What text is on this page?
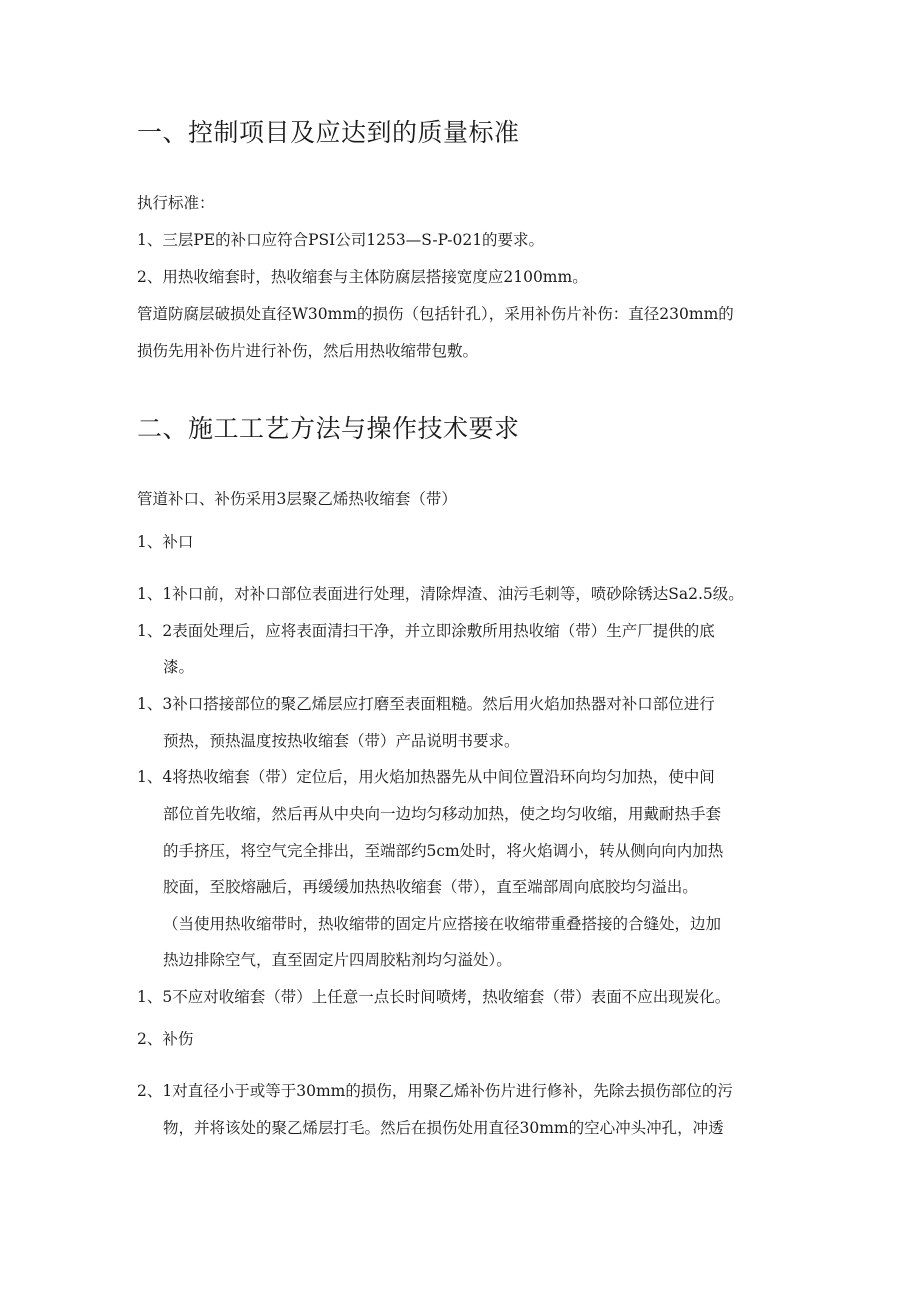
一、控制项目及应达到的质量标准
执行标准：
1、三层PE的补口应符合PSI公司1253—S-P-021的要求。
2、用热收缩套时，热收缩套与主体防腐层搭接宽度应2100mm。
管道防腐层破损处直径W30mm的损伤（包括针孔），采用补伤片补伤：直径230mm的
损伤先用补伤片进行补伤，然后用热收缩带包敷。
二、施工工艺方法与操作技术要求
管道补口、补伤采用3层聚乙烯热收缩套（带）
1、补口
1、1补口前，对补口部位表面进行处理，清除焊渣、油污毛刺等，喷砂除锈达Sa2.5级。
1、2表面处理后，应将表面清扫干净，并立即涂敷所用热收缩（带）生产厂提供的底
漆。
1、3补口搭接部位的聚乙烯层应打磨至表面粗糙。然后用火焰加热器对补口部位进行
预热，预热温度按热收缩套（带）产品说明书要求。
1、4将热收缩套（带）定位后，用火焰加热器先从中间位置沿环向均匀加热，使中间
部位首先收缩，然后再从中央向一边均匀移动加热，使之均匀收缩，用戴耐热手套
的手挤压，将空气完全排出，至端部约5cm处时，将火焰调小，转从侧向向内加热
胶面，至胶熔融后，再缓缓加热热收缩套（带），直至端部周向底胶均匀溢出。
（当使用热收缩带时，热收缩带的固定片应搭接在收缩带重叠搭接的合缝处，边加
热边排除空气，直至固定片四周胶粘剂均匀溢处）。
1、5不应对收缩套（带）上任意一点长时间喷烤，热收缩套（带）表面不应出现炭化。
2、补伤
2、1对直径小于或等于30mm的损伤，用聚乙烯补伤片进行修补，先除去损伤部位的污
物，并将该处的聚乙烯层打毛。然后在损伤处用直径30mm的空心冲头冲孔，冲透
